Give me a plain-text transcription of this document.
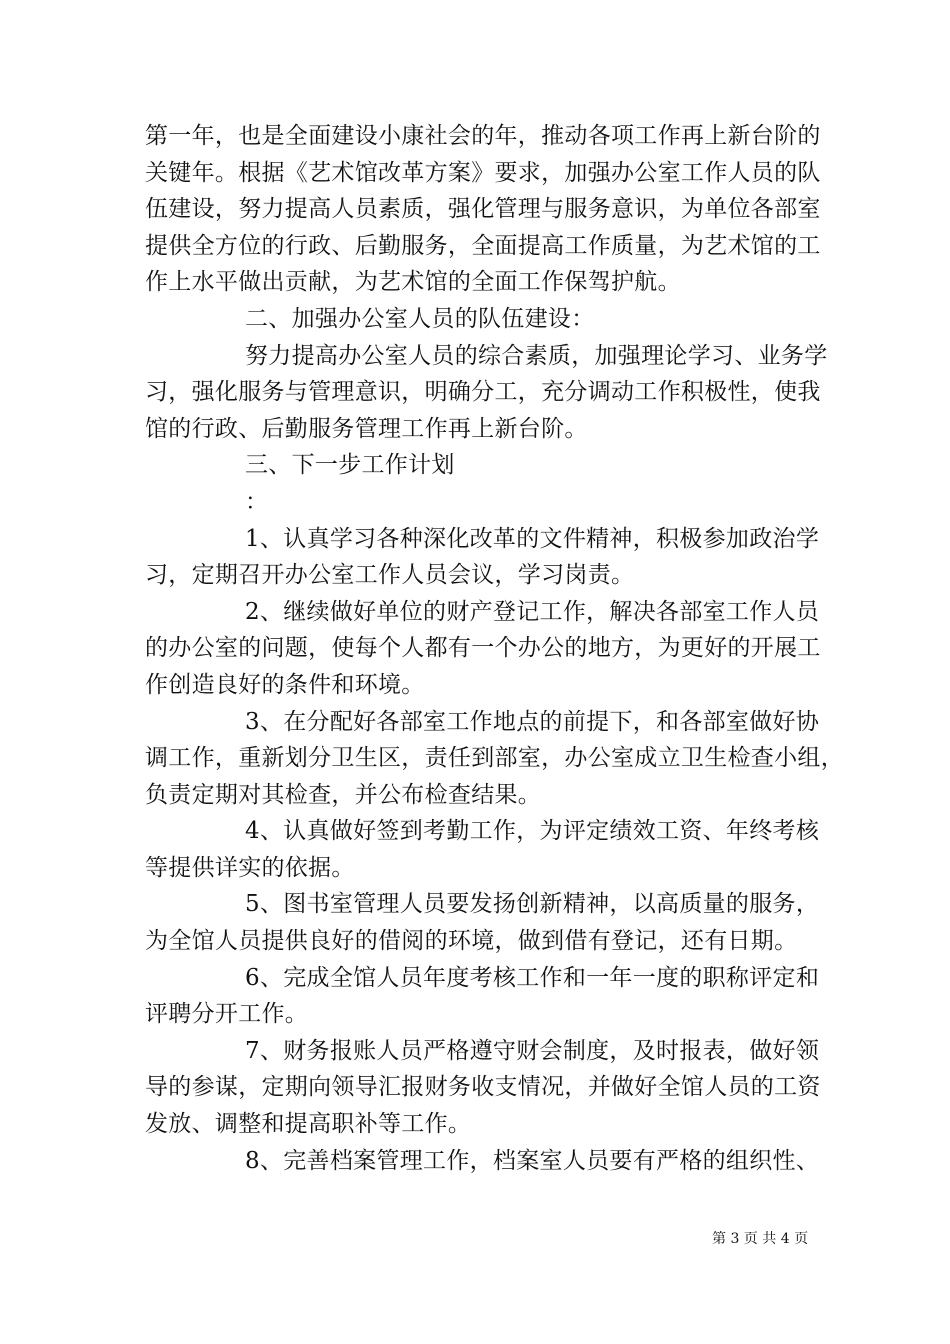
第一年，也是全面建设小康社会的年，推动各项工作再上新台阶的
关键年。根据《艺术馆改革方案》要求，加强办公室工作人员的队
伍建设，努力提高人员素质，强化管理与服务意识，为单位各部室
提供全方位的行政、后勤服务，全面提高工作质量，为艺术馆的工
作上水平做出贡献，为艺术馆的全面工作保驾护航。
二、加强办公室人员的队伍建设：
努力提高办公室人员的综合素质，加强理论学习、业务学
习，强化服务与管理意识，明确分工，充分调动工作积极性，使我
馆的行政、后勤服务管理工作再上新台阶。
三、下一步工作计划
：
1、认真学习各种深化改革的文件精神，积极参加政治学
习，定期召开办公室工作人员会议，学习岗责。
2、继续做好单位的财产登记工作，解决各部室工作人员
的办公室的问题，使每个人都有一个办公的地方，为更好的开展工
作创造良好的条件和环境。
3、在分配好各部室工作地点的前提下，和各部室做好协
调工作，重新划分卫生区，责任到部室，办公室成立卫生检查小组，
负责定期对其检查，并公布检查结果。
4、认真做好签到考勤工作，为评定绩效工资、年终考核
等提供详实的依据。
5、图书室管理人员要发扬创新精神，以高质量的服务，
为全馆人员提供良好的借阅的环境，做到借有登记，还有日期。
6、完成全馆人员年度考核工作和一年一度的职称评定和
评聘分开工作。
7、财务报账人员严格遵守财会制度，及时报表，做好领
导的参谋，定期向领导汇报财务收支情况，并做好全馆人员的工资
发放、调整和提高职补等工作。
8、完善档案管理工作，档案室人员要有严格的组织性、
第 3 页 共 4 页
